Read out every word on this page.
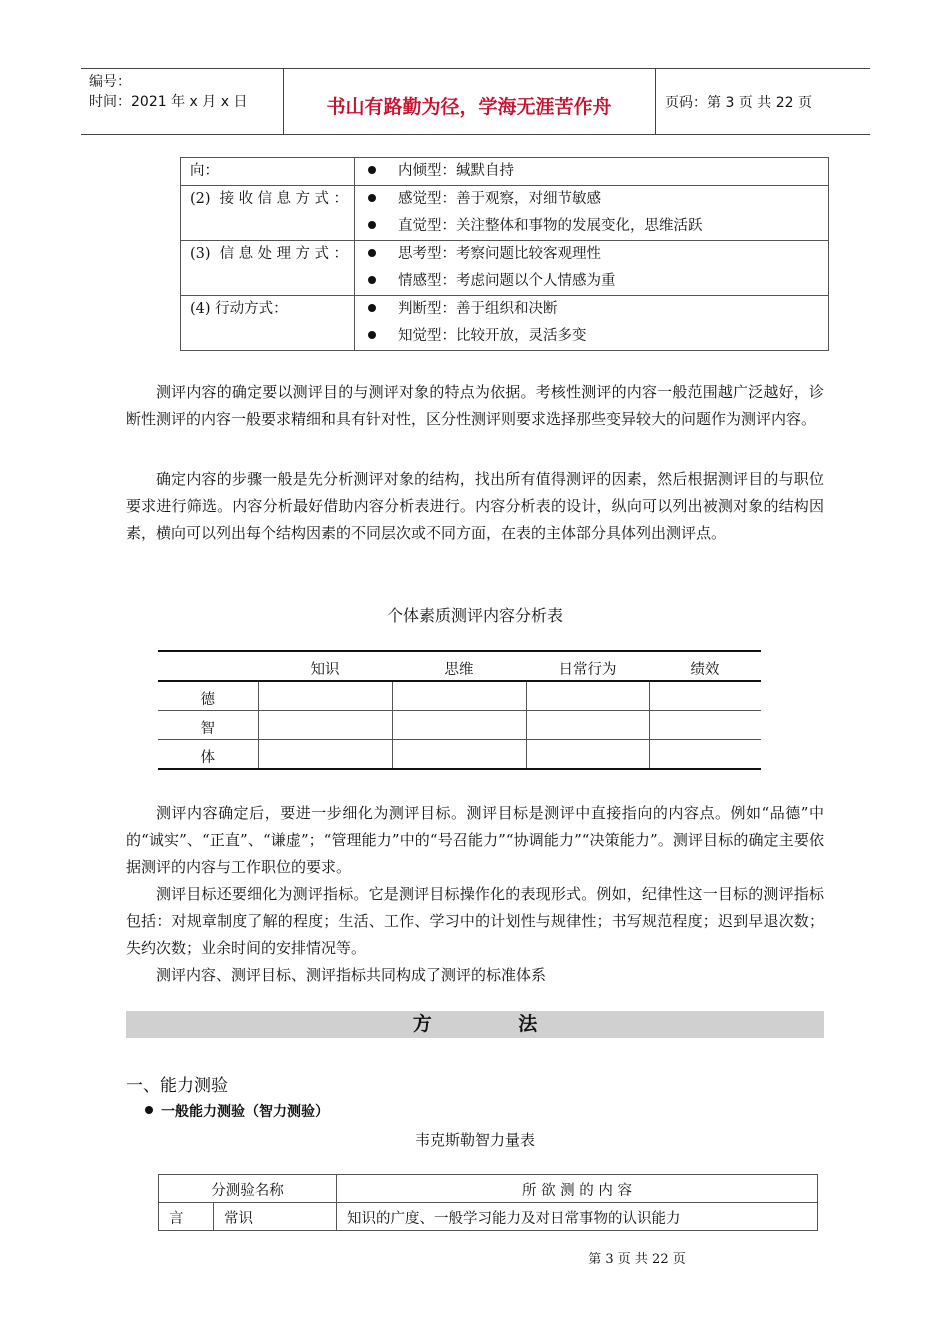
编号：
时间：2021 年 x 月 x 日	书山有路勤为径，学海无涯苦作舟	页码：第 3 页 共 22 页
向：	内倾型：缄默自持

(2) 接收信息方式：	感觉型：善于观察，对细节敏感
直觉型：关注整体和事物的发展变化，思维活跃

(3) 信息处理方式：	思考型：考察问题比较客观理性
情感型：考虑问题以个人情感为重

(4) 行动方式：	判断型：善于组织和决断
知觉型：比较开放，灵活多变

测评内容的确定要以测评目的与测评对象的特点为依据。考核性测评的内容一般范围越广泛越好，诊断性测评的内容一般要求精细和具有针对性，区分性测评则要求选择那些变异较大的问题作为测评内容。

确定内容的步骤一般是先分析测评对象的结构，找出所有值得测评的因素，然后根据测评目的与职位要求进行筛选。内容分析最好借助内容分析表进行。内容分析表的设计，纵向可以列出被测对象的结构因素，横向可以列出每个结构因素的不同层次或不同方面，在表的主体部分具体列出测评点。

个体素质测评内容分析表
	知识	思维	日常行为	绩效
德				
智				
体				

测评内容确定后，要进一步细化为测评目标。测评目标是测评中直接指向的内容点。例如“品德”中的“诚实”、“正直”、“谦虚”；“管理能力”中的“号召能力”“协调能力”“决策能力”。测评目标的确定主要依据测评的内容与工作职位的要求。

测评目标还要细化为测评指标。它是测评目标操作化的表现形式。例如，纪律性这一目标的测评指标包括：对规章制度了解的程度；生活、工作、学习中的计划性与规律性；书写规范程度；迟到早退次数；失约次数；业余时间的安排情况等。

测评内容、测评目标、测评指标共同构成了测评的标准体系

方 法
一、能力测验
一般能力测验（智力测验）
韦克斯勒智力量表
分测验名称		所 欲 测 的 内 容
言	常识	知识的广度、一般学习能力及对日常事物的认识能力
第 3 页 共 22 页
